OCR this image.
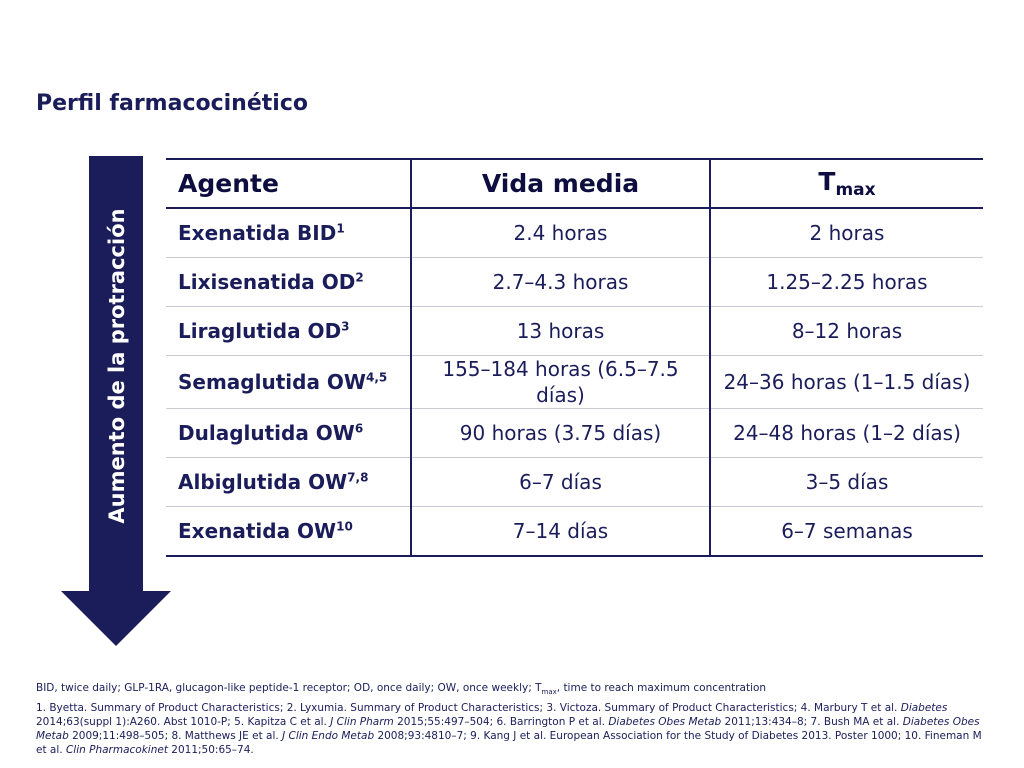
Perfil farmacocinético
Aumento de la protracción
Agente	Vida media	$T_{max}$
Exenatida BID$^1$	2.4 horas	2 horas
Lixisenatida $OD^2$	2.7–4.3 horas	1.25–2.25 horas
Liraglutida $OD^3$	13 horas	8–12 horas
Semaglutida OW$^{4,5}$	155–184 horas (6.5–7.5 días)	24–36 horas (1–1.5 días)
Dulaglutida $OW^6$	90 horas (3.75 días)	24–48 horas (1–2 días)
Albiglutida OW$^{7,8}$	6–7 días	3–5 días
Exenatida OW$^{10}$	7–14 días	6–7 semanas

BID, twice daily; GLP-1RA, glucagon-like peptide-1 receptor; OD, once daily; OW, once weekly; $T_{max}$, time to reach maximum concentration

1. Byetta. Summary of Product Characteristics; 2. Lyxumia. Summary of Product Characteristics; 3. Victoza. Summary of Product Characteristics; 4. Marbury T et al. Diabetes 2014;63(suppl 1):A260. Abst 1010-P; 5. Kapitza C et al. J Clin Pharm 2015;55:497–504; 6. Barrington P et al. Diabetes Obes Metab 2011;13:434–8; 7. Bush MA et al. Diabetes Obes Metab 2009;11:498–505; 8. Matthews JE et al. J Clin Endo Metab 2008;93:4810–7; 9. Kang J et al. European Association for the Study of Diabetes 2013. Poster 1000; 10. Fineman M et al. Clin Pharmacokinet 2011;50:65–74.
